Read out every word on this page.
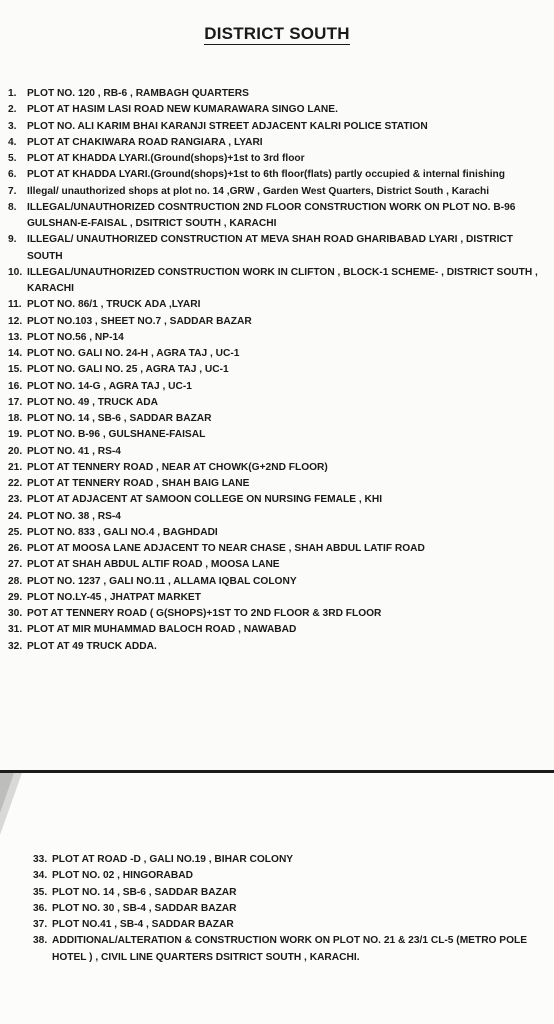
DISTRICT SOUTH
1.	PLOT NO. 120 , RB-6 , RAMBAGH QUARTERS
2.	PLOT AT HASIM LASI ROAD NEW KUMARAWARA SINGO LANE.
3.	PLOT NO. ALI KARIM BHAI KARANJI STREET ADJACENT KALRI POLICE STATION
4.	PLOT AT CHAKIWARA ROAD RANGIARA , LYARI
5.	PLOT AT KHADDA LYARI.(Ground(shops)+1st to 3rd floor
6.	PLOT AT KHADDA LYARI.(Ground(shops)+1st to 6th floor(flats) partly occupied & internal finishing
7.	Illegal/ unauthorized shops at plot no. 14 ,GRW , Garden West Quarters, District South , Karachi
8.	ILLEGAL/UNAUTHORIZED COSNTRUCTION 2ND FLOOR CONSTRUCTION WORK ON PLOT NO. B-96 GULSHAN-E-FAISAL , DSITRICT SOUTH , KARACHI
9.	ILLEGAL/ UNAUTHORIZED CONSTRUCTION AT MEVA SHAH ROAD GHARIBABAD LYARI , DISTRICT SOUTH
10. ILLEGAL/UNAUTHORIZED CONSTRUCTION WORK IN CLIFTON , BLOCK-1 SCHEME- , DISTRICT SOUTH , KARACHI
11. PLOT NO. 86/1 , TRUCK ADA ,LYARI
12. PLOT NO.103 , SHEET NO.7 , SADDAR BAZAR
13. PLOT NO.56 , NP-14
14. PLOT NO. GALI NO. 24-H , AGRA TAJ , UC-1
15. PLOT NO. GALI NO. 25 , AGRA TAJ , UC-1
16. PLOT NO. 14-G , AGRA TAJ , UC-1
17. PLOT NO. 49 , TRUCK ADA
18. PLOT NO. 14 , SB-6 , SADDAR BAZAR
19. PLOT NO. B-96 , GULSHANE-FAISAL
20. PLOT NO. 41 , RS-4
21. PLOT AT TENNERY ROAD , NEAR AT CHOWK(G+2ND FLOOR)
22. PLOT AT TENNERY ROAD , SHAH BAIG LANE
23. PLOT AT ADJACENT AT SAMOON COLLEGE ON NURSING FEMALE , KHI
24. PLOT NO. 38 , RS-4
25. PLOT NO. 833 , GALI NO.4 , BAGHDADI
26. PLOT AT MOOSA LANE ADJACENT TO NEAR CHASE , SHAH ABDUL LATIF ROAD
27. PLOT AT SHAH ABDUL ALTIF ROAD , MOOSA LANE
28. PLOT NO. 1237 , GALI NO.11 , ALLAMA IQBAL COLONY
29. PLOT NO.LY-45 , JHATPAT MARKET
30. POT AT TENNERY ROAD ( G(SHOPS)+1ST TO 2ND FLOOR & 3RD FLOOR
31. PLOT AT MIR MUHAMMAD BALOCH ROAD , NAWABAD
32. PLOT AT 49 TRUCK ADDA.
33. PLOT AT ROAD -D , GALI NO.19 , BIHAR COLONY
34. PLOT NO. 02 , HINGORABAD
35. PLOT NO. 14 , SB-6 , SADDAR BAZAR
36. PLOT NO. 30 , SB-4 , SADDAR BAZAR
37. PLOT NO.41 , SB-4 , SADDAR BAZAR
38. ADDITIONAL/ALTERATION & CONSTRUCTION WORK ON PLOT NO. 21 & 23/1 CL-5 (METRO POLE HOTEL ) , CIVIL LINE QUARTERS DSITRICT SOUTH , KARACHI.
